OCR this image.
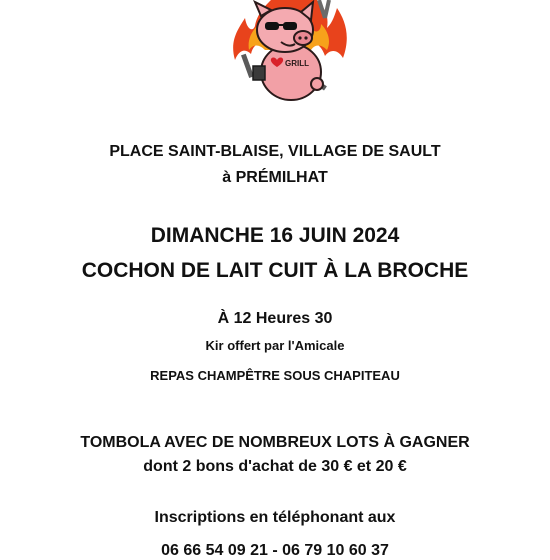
GRILL
PLACE SAINT-BLAISE, VILLAGE DE SAULT
à PRÉMILHAT
DIMANCHE 16 JUIN 2024
COCHON DE LAIT CUIT À LA BROCHE
À 12 Heures 30
Kir offert par l'Amicale
REPAS CHAMPÊTRE SOUS CHAPITEAU
TOMBOLA AVEC DE NOMBREUX LOTS À GAGNER
dont 2 bons d'achat de 30 € et 20 €
Inscriptions en téléphonant aux
06 66 54 09 21 - 06 79 10 60 37
